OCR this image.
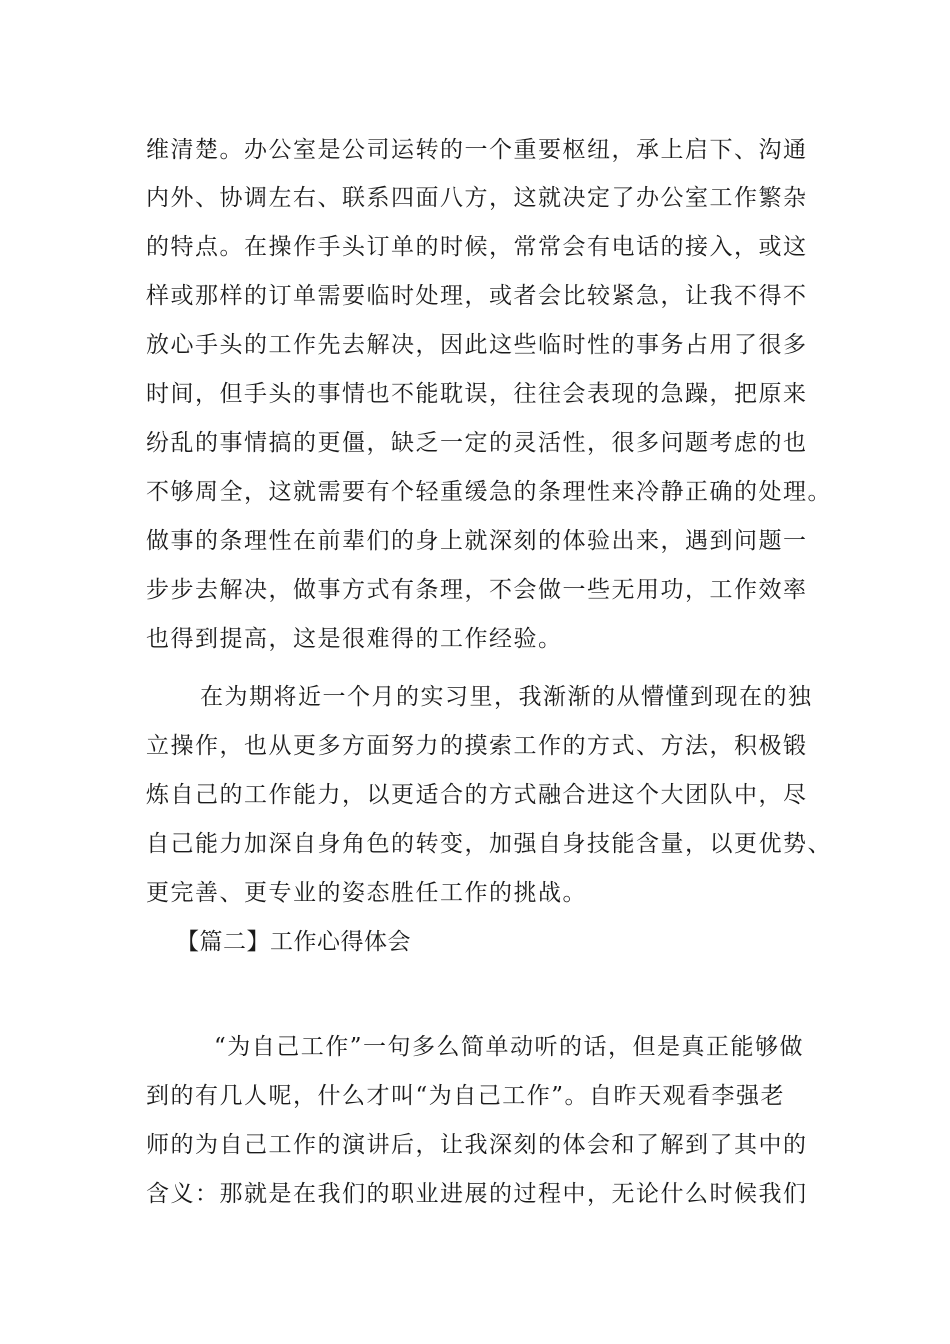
维清楚。办公室是公司运转的一个重要枢纽，承上启下、沟通
内外、协调左右、联系四面八方，这就决定了办公室工作繁杂
的特点。在操作手头订单的时候，常常会有电话的接入，或这
样或那样的订单需要临时处理，或者会比较紧急，让我不得不
放心手头的工作先去解决，因此这些临时性的事务占用了很多
时间，但手头的事情也不能耽误，往往会表现的急躁，把原来
纷乱的事情搞的更僵，缺乏一定的灵活性，很多问题考虑的也
不够周全，这就需要有个轻重缓急的条理性来冷静正确的处理。
做事的条理性在前辈们的身上就深刻的体验出来，遇到问题一
步步去解决，做事方式有条理，不会做一些无用功，工作效率
也得到提高，这是很难得的工作经验。
在为期将近一个月的实习里，我渐渐的从懵懂到现在的独
立操作，也从更多方面努力的摸索工作的方式、方法，积极锻
炼自己的工作能力，以更适合的方式融合进这个大团队中，尽
自己能力加深自身角色的转变，加强自身技能含量，以更优势、
更完善、更专业的姿态胜任工作的挑战。
【篇二】工作心得体会
“为自己工作”一句多么简单动听的话，但是真正能够做
到的有几人呢，什么才叫“为自己工作”。自昨天观看李强老
师的为自己工作的演讲后，让我深刻的体会和了解到了其中的
含义：那就是在我们的职业进展的过程中，无论什么时候我们
